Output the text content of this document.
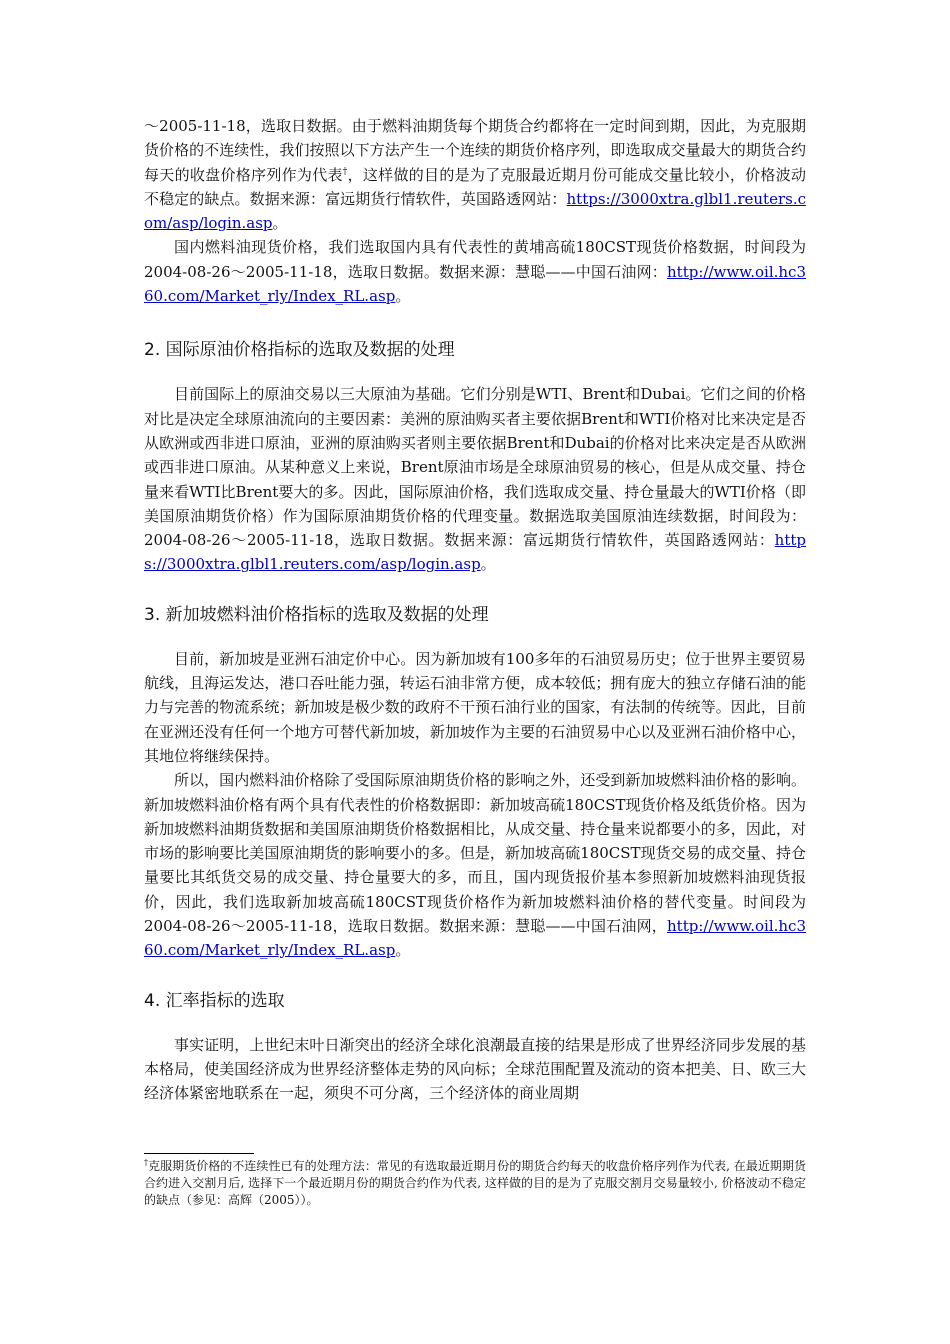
～2005-11-18，选取日数据。由于燃料油期货每个期货合约都将在一定时间到期，因此，为克服期货价格的不连续性，我们按照以下方法产生一个连续的期货价格序列，即选取成交量最大的期货合约每天的收盘价格序列作为代表†，这样做的目的是为了克服最近期月份可能成交量比较小，价格波动不稳定的缺点。数据来源：富远期货行情软件，英国路透网站：https://3000xtra.glbl1.reuters.com/asp/login.asp。

国内燃料油现货价格，我们选取国内具有代表性的黄埔高硫180CST现货价格数据，时间段为2004-08-26～2005-11-18，选取日数据。数据来源：慧聪——中国石油网：http://www.oil.hc360.com/Market_rly/Index_RL.asp。

2. 国际原油价格指标的选取及数据的处理

目前国际上的原油交易以三大原油为基础。它们分别是WTI、Brent和Dubai。它们之间的价格对比是决定全球原油流向的主要因素：美洲的原油购买者主要依据Brent和WTI价格对比来决定是否从欧洲或西非进口原油，亚洲的原油购买者则主要依据Brent和Dubai的价格对比来决定是否从欧洲或西非进口原油。从某种意义上来说，Brent原油市场是全球原油贸易的核心，但是从成交量、持仓量来看WTI比Brent要大的多。因此，国际原油价格，我们选取成交量、持仓量最大的WTI价格（即美国原油期货价格）作为国际原油期货价格的代理变量。数据选取美国原油连续数据，时间段为：2004-08-26～2005-11-18，选取日数据。数据来源：富远期货行情软件，英国路透网站：https://3000xtra.glbl1.reuters.com/asp/login.asp。

3. 新加坡燃料油价格指标的选取及数据的处理

目前，新加坡是亚洲石油定价中心。因为新加坡有100多年的石油贸易历史；位于世界主要贸易航线，且海运发达，港口吞吐能力强，转运石油非常方便，成本较低；拥有庞大的独立存储石油的能力与完善的物流系统；新加坡是极少数的政府不干预石油行业的国家，有法制的传统等。因此，目前在亚洲还没有任何一个地方可替代新加坡，新加坡作为主要的石油贸易中心以及亚洲石油价格中心，其地位将继续保持。

所以，国内燃料油价格除了受国际原油期货价格的影响之外，还受到新加坡燃料油价格的影响。新加坡燃料油价格有两个具有代表性的价格数据即：新加坡高硫180CST现货价格及纸货价格。因为新加坡燃料油期货数据和美国原油期货价格数据相比，从成交量、持仓量来说都要小的多，因此，对市场的影响要比美国原油期货的影响要小的多。但是，新加坡高硫180CST现货交易的成交量、持仓量要比其纸货交易的成交量、持仓量要大的多，而且，国内现货报价基本参照新加坡燃料油现货报价，因此，我们选取新加坡高硫180CST现货价格作为新加坡燃料油价格的替代变量。时间段为2004-08-26～2005-11-18，选取日数据。数据来源：慧聪——中国石油网，http://www.oil.hc360.com/Market_rly/Index_RL.asp。

4. 汇率指标的选取

事实证明，上世纪末叶日渐突出的经济全球化浪潮最直接的结果是形成了世界经济同步发展的基本格局，使美国经济成为世界经济整体走势的风向标；全球范围配置及流动的资本把美、日、欧三大经济体紧密地联系在一起，须臾不可分离，三个经济体的商业周期

†克服期货价格的不连续性已有的处理方法：常见的有选取最近期月份的期货合约每天的收盘价格序列作为代表, 在最近期期货合约进入交割月后, 选择下一个最近期月份的期货合约作为代表, 这样做的目的是为了克服交割月交易量较小, 价格波动不稳定的缺点（参见：高辉（2005））。
